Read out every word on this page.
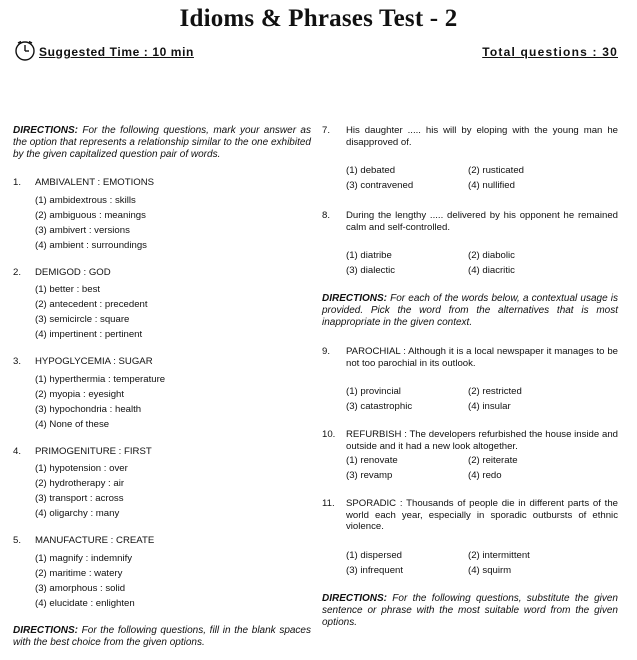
Idioms & Phrases Test - 2
Suggested Time : 10 min	Total questions : 30
DIRECTIONS: For the following questions, mark your answer as the option that represents a relationship similar to the one exhibited by the given capitalized question pair of words.
1. AMBIVALENT : EMOTIONS
(1) ambidextrous : skills
(2) ambiguous : meanings
(3) ambivert : versions
(4) ambient : surroundings
2. DEMIGOD : GOD
(1) better : best
(2) antecedent : precedent
(3) semicircle : square
(4) impertinent : pertinent
3. HYPOGLYCEMIA : SUGAR
(1) hyperthermia : temperature
(2) myopia : eyesight
(3) hypochondria : health
(4) None of these
4. PRIMOGENITURE : FIRST
(1) hypotension : over
(2) hydrotherapy : air
(3) transport : across
(4) oligarchy : many
5. MANUFACTURE : CREATE
(1) magnify : indemnify
(2) maritime : watery
(3) amorphous : solid
(4) elucidate : enlighten
DIRECTIONS: For the following questions, fill in the blank spaces with the best choice from the given options.
7. His daughter ..... his will by eloping with the young man he disapproved of.
(1) debated	(2) rusticated
(3) contravened	(4) nullified
8. During the lengthy ..... delivered by his opponent he remained calm and self-controlled.
(1) diatribe	(2) diabolic
(3) dialectic	(4) diacritic
DIRECTIONS: For each of the words below, a contextual usage is provided. Pick the word from the alternatives that is most inappropriate in the given context.
9. PAROCHIAL : Although it is a local newspaper it manages to be not too parochial in its outlook.
(1) provincial	(2) restricted
(3) catastrophic	(4) insular
10. REFURBISH : The developers refurbished the house inside and outside and it had a new look altogether.
(1) renovate	(2) reiterate
(3) revamp	(4) redo
11. SPORADIC : Thousands of people die in different parts of the world each year, especially in sporadic outbursts of ethnic violence.
(1) dispersed	(2) intermittent
(3) infrequent	(4) squirm
DIRECTIONS: For the following questions, substitute the given sentence or phrase with the most suitable word from the given options.
